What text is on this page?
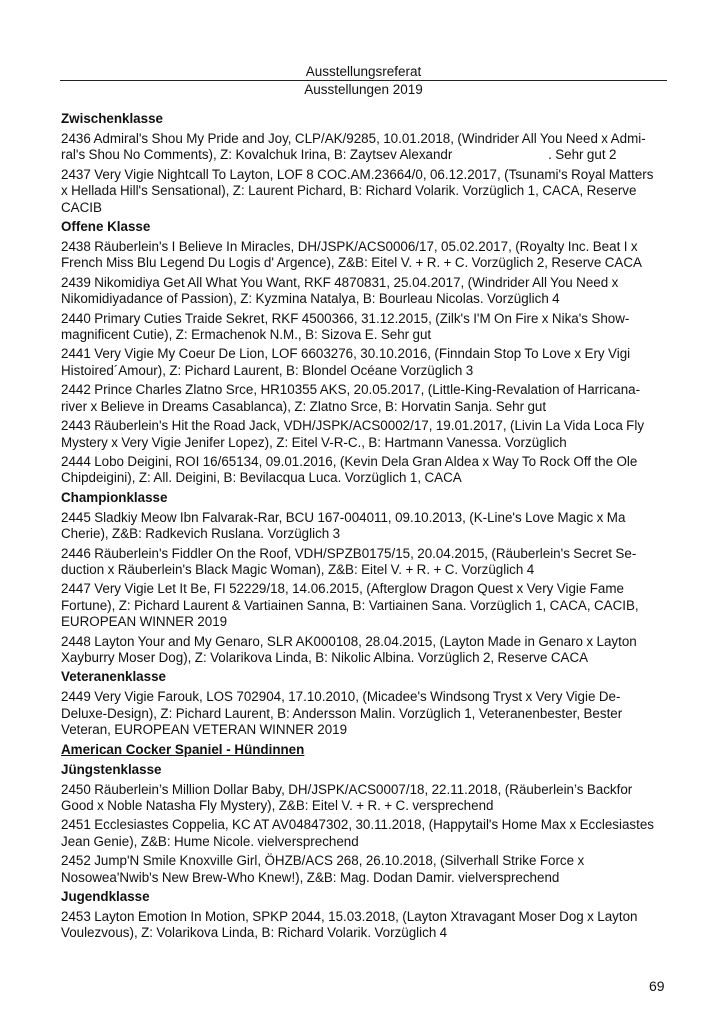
Ausstellungsreferat
Ausstellungen 2019
Zwischenklasse
2436 Admiral's Shou My Pride and Joy, CLP/AK/9285, 10.01.2018, (Windrider All You Need x Admiral's Shou No Comments), Z: Kovalchuk Irina, B: Zaytsev Alexandr                            . Sehr gut 2
2437 Very Vigie Nightcall To Layton, LOF 8 COC.AM.23664/0, 06.12.2017, (Tsunami's Royal Matters x Hellada Hill's Sensational), Z: Laurent Pichard, B: Richard Volarik. Vorzüglich 1, CACA, Reserve CACIB
Offene Klasse
2438 Räuberlein's I Believe In Miracles, DH/JSPK/ACS0006/17, 05.02.2017, (Royalty Inc. Beat I x French Miss Blu Legend Du Logis d' Argence), Z&B: Eitel V. + R. + C. Vorzüglich 2, Reserve CACA
2439 Nikomidiya Get All What You Want, RKF 4870831, 25.04.2017, (Windrider All You Need x Nikomidiyadance of Passion), Z: Kyzmina Natalya, B: Bourleau Nicolas. Vorzüglich 4
2440 Primary Cuties Traide Sekret, RKF 4500366, 31.12.2015, (Zilk's I'M On Fire x Nika's Showmagnificent Cutie), Z: Ermachenok N.M., B: Sizova E. Sehr gut
2441 Very Vigie My Coeur De Lion, LOF 6603276, 30.10.2016, (Finndain Stop To Love x Ery Vigi Histoired´Amour), Z: Pichard Laurent, B: Blondel Océane Vorzüglich 3
2442 Prince Charles Zlatno Srce, HR10355 AKS, 20.05.2017, (Little-King-Revalation of Harricanariver x Believe in Dreams Casablanca), Z: Zlatno Srce, B: Horvatin Sanja. Sehr gut
2443 Räuberlein's Hit the Road Jack, VDH/JSPK/ACS0002/17, 19.01.2017, (Livin La Vida Loca Fly Mystery x Very Vigie Jenifer Lopez), Z: Eitel V-R-C., B: Hartmann Vanessa. Vorzüglich
2444 Lobo Deigini, ROI 16/65134, 09.01.2016, (Kevin Dela Gran Aldea x Way To Rock Off the Ole Chipdeigini), Z: All. Deigini, B: Bevilacqua Luca. Vorzüglich 1, CACA
Championklasse
2445 Sladkiy Meow Ibn Falvarak-Rar, BCU 167-004011, 09.10.2013, (K-Line's Love Magic x Ma Cherie), Z&B: Radkevich Ruslana. Vorzüglich 3
2446 Räuberlein's Fiddler On the Roof, VDH/SPZB0175/15, 20.04.2015, (Räuberlein's Secret Seduction x Räuberlein's Black Magic Woman), Z&B: Eitel V. + R. + C. Vorzüglich 4
2447 Very Vigie Let It Be, FI 52229/18, 14.06.2015, (Afterglow Dragon Quest x Very Vigie Fame Fortune), Z: Pichard Laurent & Vartiainen Sanna, B: Vartiainen Sana. Vorzüglich 1, CACA, CACIB, EUROPEAN WINNER 2019
2448 Layton Your and My Genaro, SLR AK000108, 28.04.2015, (Layton Made in Genaro x Layton Xayburry Moser Dog), Z: Volarikova Linda, B: Nikolic Albina. Vorzüglich 2, Reserve CACA
Veteranenklasse
2449 Very Vigie Farouk, LOS 702904, 17.10.2010, (Micadee's Windsong Tryst x Very Vigie DeDeluxe-Design), Z: Pichard Laurent, B: Andersson Malin. Vorzüglich 1, Veteranenbester, Bester Veteran, EUROPEAN VETERAN WINNER 2019
American Cocker Spaniel - Hündinnen
Jüngstenklasse
2450 Räuberlein’s Million Dollar Baby, DH/JSPK/ACS0007/18, 22.11.2018, (Räuberlein’s Backfor Good x Noble Natasha Fly Mystery), Z&B: Eitel V. + R. + C. versprechend
2451 Ecclesiastes Coppelia, KC AT AV04847302, 30.11.2018, (Happytail's Home Max x Ecclesiastes Jean Genie), Z&B: Hume Nicole. vielversprechend
2452 Jump'N Smile Knoxville Girl, ÖHZB/ACS 268, 26.10.2018, (Silverhall Strike Force x Nosowea'Nwib's New Brew-Who Knew!), Z&B: Mag. Dodan Damir. vielversprechend
Jugendklasse
2453 Layton Emotion In Motion, SPKP 2044, 15.03.2018, (Layton Xtravagant Moser Dog x Layton Voulezvous), Z: Volarikova Linda, B: Richard Volarik. Vorzüglich 4
69
